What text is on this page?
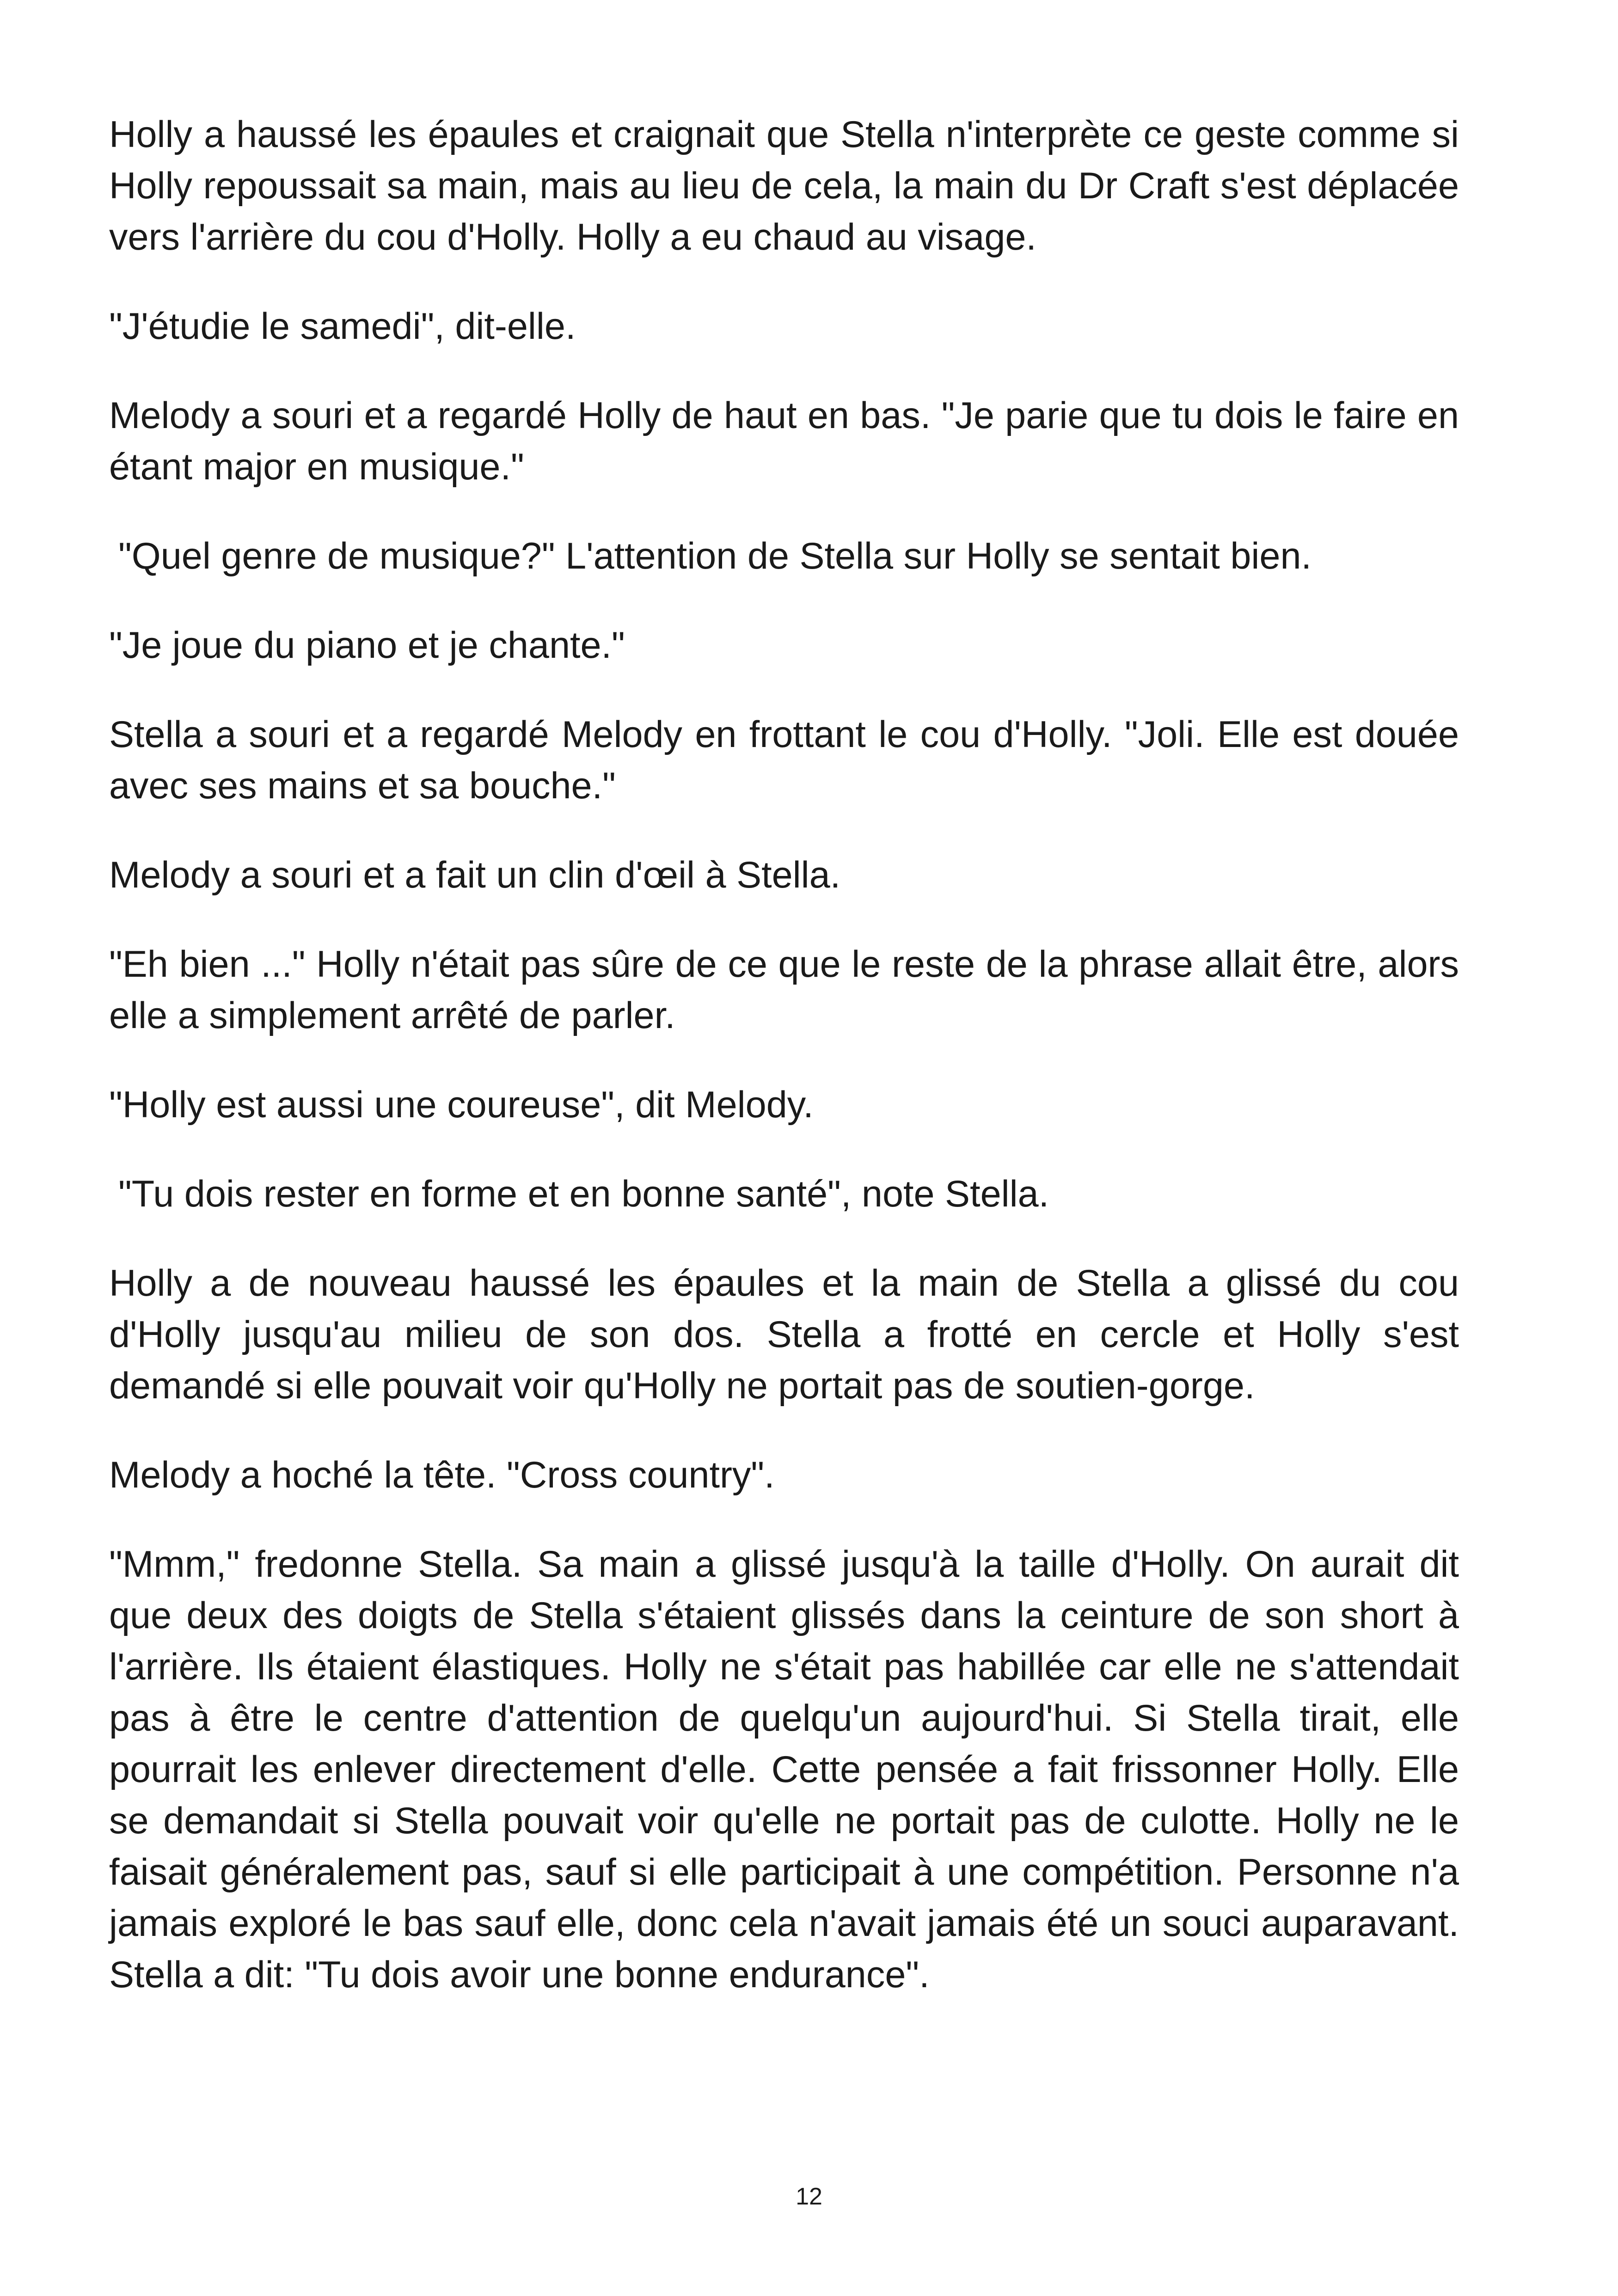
Holly a haussé les épaules et craignait que Stella n'interprète ce geste comme si Holly repoussait sa main, mais au lieu de cela, la main du Dr Craft s'est déplacée vers l'arrière du cou d'Holly. Holly a eu chaud au visage.

"J'étudie le samedi", dit-elle.

Melody a souri et a regardé Holly de haut en bas. "Je parie que tu dois le faire en étant major en musique."

"Quel genre de musique?" L'attention de Stella sur Holly se sentait bien.

"Je joue du piano et je chante."

Stella a souri et a regardé Melody en frottant le cou d'Holly. "Joli. Elle est douée avec ses mains et sa bouche."

Melody a souri et a fait un clin d'œil à Stella.

"Eh bien ..." Holly n'était pas sûre de ce que le reste de la phrase allait être, alors elle a simplement arrêté de parler.

"Holly est aussi une coureuse", dit Melody.

"Tu dois rester en forme et en bonne santé", note Stella.

Holly a de nouveau haussé les épaules et la main de Stella a glissé du cou d'Holly jusqu'au milieu de son dos. Stella a frotté en cercle et Holly s'est demandé si elle pouvait voir qu'Holly ne portait pas de soutien-gorge.

Melody a hoché la tête. "Cross country".

"Mmm," fredonne Stella. Sa main a glissé jusqu'à la taille d'Holly. On aurait dit que deux des doigts de Stella s'étaient glissés dans la ceinture de son short à l'arrière. Ils étaient élastiques. Holly ne s'était pas habillée car elle ne s'attendait pas à être le centre d'attention de quelqu'un aujourd'hui. Si Stella tirait, elle pourrait les enlever directement d'elle. Cette pensée a fait frissonner Holly. Elle se demandait si Stella pouvait voir qu'elle ne portait pas de culotte. Holly ne le faisait généralement pas, sauf si elle participait à une compétition. Personne n'a jamais exploré le bas sauf elle, donc cela n'avait jamais été un souci auparavant. Stella a dit: "Tu dois avoir une bonne endurance".

12
